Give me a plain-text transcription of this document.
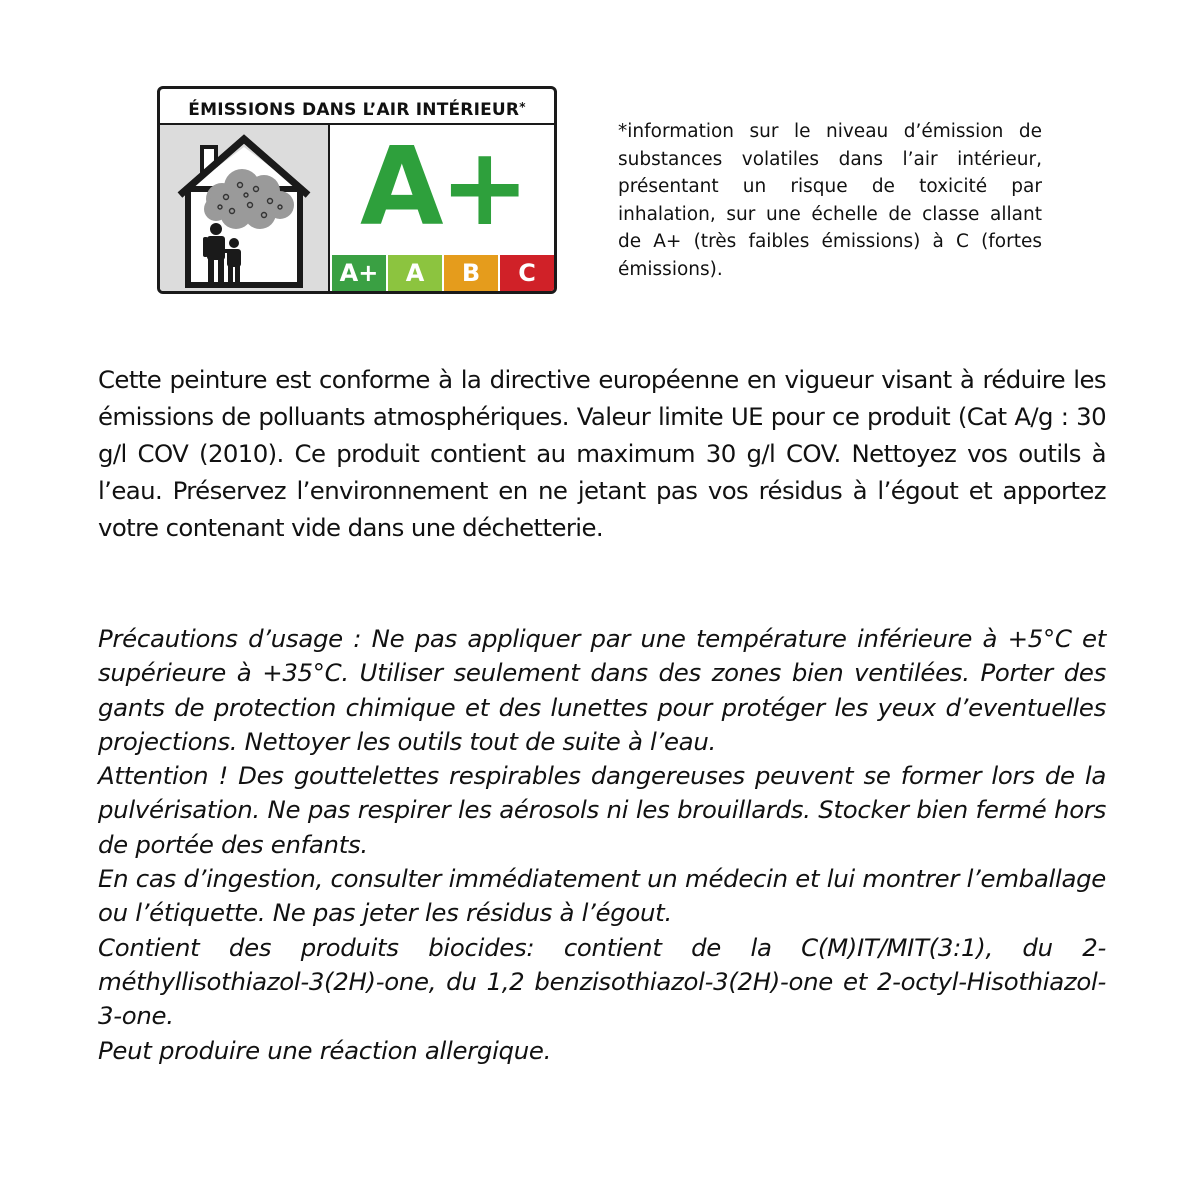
ÉMISSIONS DANS L’AIR INTÉRIEUR*
A+
A+	A	B	C
*information sur le niveau d’émission de substances volatiles dans l’air intérieur, présentant un risque de toxicité par inhalation, sur une échelle de classe allant de A+ (très faibles émissions) à C (fortes émissions).
Cette peinture est conforme à la directive européenne en vigueur visant à réduire les émissions de polluants atmosphériques. Valeur limite UE pour ce produit (Cat A/g : 30 g/l COV (2010). Ce produit contient au maximum 30 g/l COV. Nettoyez vos outils à l’eau. Préservez l’environnement en ne jetant pas vos résidus à l’égout et apportez votre contenant vide dans une déchetterie.

Précautions d’usage : Ne pas appliquer par une température inférieure à +5°C et supérieure à +35°C. Utiliser seulement dans des zones bien ventilées. Porter des gants de protection chimique et des lunettes pour protéger les yeux d’eventuelles projections. Nettoyer les outils tout de suite à l’eau.

Attention ! Des gouttelettes respirables dangereuses peuvent se former lors de la pulvérisation. Ne pas respirer les aérosols ni les brouillards. Stocker bien fermé hors de portée des enfants.

En cas d’ingestion, consulter immédiatement un médecin et lui montrer l’emballage ou l’étiquette. Ne pas jeter les résidus à l’égout.

Contient des produits biocides: contient de la C(M)IT/MIT(3:1), du 2-méthyllisothiazol-3(2H)-one, du 1,2 benzisothiazol-3(2H)-one et 2-octyl-Hisothiazol-3-one.

Peut produire une réaction allergique.
